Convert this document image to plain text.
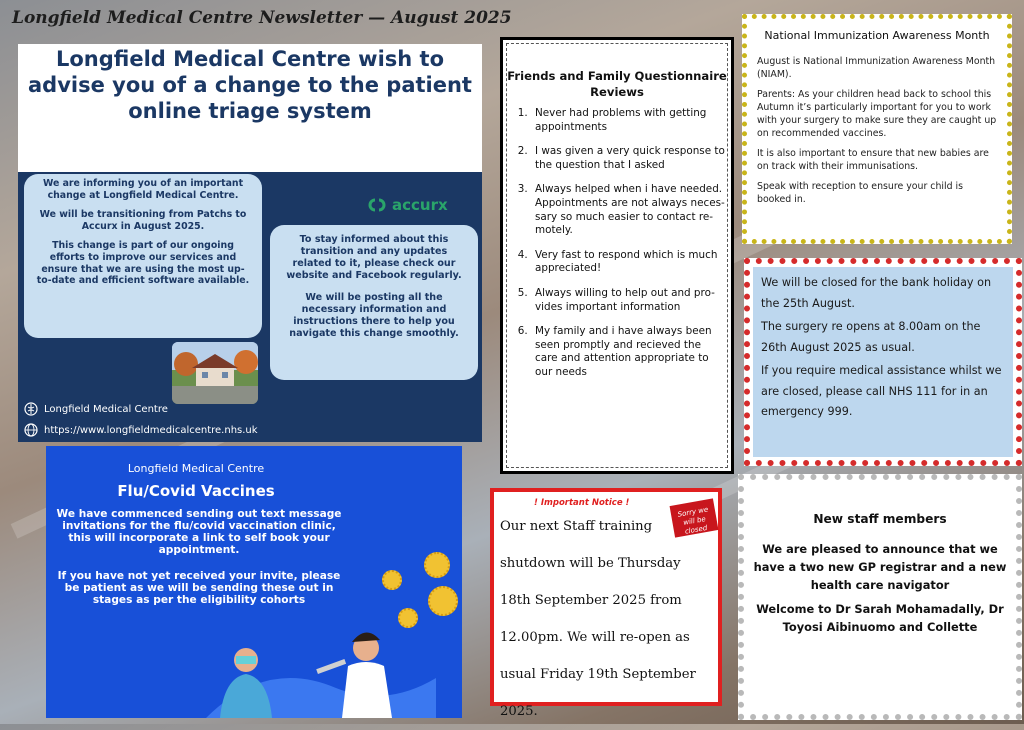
Longfield Medical Centre Newsletter — August 2025
Longfield Medical Centre wish to advise you of a change to the patient online triage system

We are informing you of an important change at Longfield Medical Centre.

We will be transitioning from Patchs to Accurx in August 2025.

This change is part of our ongoing efforts to improve our services and ensure that we are using the most up-to-date and efficient software available.

accurx

To stay informed about this transition and any updates related to it, please check our website and Facebook regularly.

We will be posting all the necessary information and instructions there to help you navigate this change smoothly.

Longfield Medical Centre
https://www.longfieldmedicalcentre.nhs.uk
Longfield Medical Centre
Flu/Covid Vaccines
We have commenced sending out text message invitations for the flu/covid vaccination clinic, this will incorporate a link to self book your appointment.
If you have not yet received your invite, please be patient as we will be sending these out in stages as per the eligibility cohorts
Friends and Family Questionnaire Reviews
1. Never had problems with getting appointments
2. I was given a very quick response to the question that I asked
3. Always helped when i have needed. Appointments are not always neces-sary so much easier to contact re-motely.
4. Very fast to respond which is much appreciated!
5. Always willing to help out and pro-vides important information
6. My family and i have always been seen promptly and recieved the care and attention appropriate to our needs
National Immunization Awareness Month

August is National Immunization Awareness Month (NIAM).

Parents: As your children head back to school this Autumn it’s particularly important for you to work with your surgery to make sure they are caught up on recommended vaccines.

It is also important to ensure that new babies are on track with their immunisations.

Speak with reception to ensure your child is booked in.

We will be closed for the bank holiday on the 25th August.

The surgery re opens at 8.00am on the 26th August 2025 as usual.

If you require medical assistance whilst we are closed, please call NHS 111 for in an emergency 999.

! Important Notice !
Sorry we will be closed
Our next Staff training shutdown will be Thursday 18th September 2025 from 12.00pm. We will re-open as usual Friday 19th September 2025.
New staff members
We are pleased to announce that we have a two new GP registrar and a new health care navigator
Welcome to Dr Sarah Mohamadally, Dr Toyosi Aibinuomo and Collette
